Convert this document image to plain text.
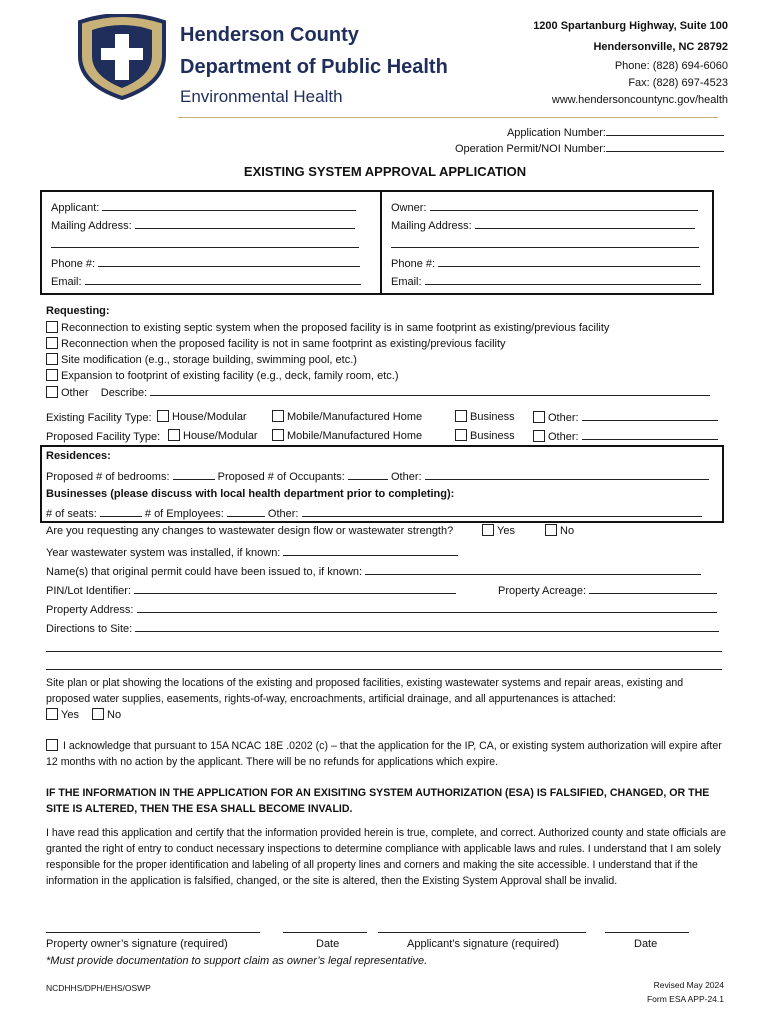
Henderson County
Department of Public Health
Environmental Health
1200 Spartanburg Highway, Suite 100
Hendersonville, NC 28792
Phone: (828) 694-6060
Fax: (828) 697-4523
www.hendersoncountync.gov/health
Application Number:
Operation Permit/NOI Number:
EXISTING SYSTEM APPROVAL APPLICATION
Applicant:
Mailing Address:
Phone #:
Email:
Owner:
Mailing Address:
Phone #:
Email:
Requesting:
Reconnection to existing septic system when the proposed facility is in same footprint as existing/previous facility
Reconnection when the proposed facility is not in same footprint as existing/previous facility
Site modification (e.g., storage building, swimming pool, etc.)
Expansion to footprint of existing facility (e.g., deck, family room, etc.)
Other Describe:
Existing Facility Type:	House/Modular	Mobile/Manufactured Home	Business	Other:
Proposed Facility Type:	House/Modular	Mobile/Manufactured Home	Business	Other:
Residences:
Proposed # of bedrooms:	Proposed # of Occupants:	Other:
Businesses (please discuss with local health department prior to completing):
# of seats:	# of Employees:	Other:
Are you requesting any changes to wastewater design flow or wastewater strength?	Yes	No
Year wastewater system was installed, if known:
Name(s) that original permit could have been issued to, if known:
PIN/Lot Identifier:	Property Acreage:
Property Address:
Directions to Site:
Site plan or plat showing the locations of the existing and proposed facilities, existing wastewater systems and repair areas, existing and proposed water supplies, easements, rights-of-way, encroachments, artificial drainage, and all appurtenances is attached:
Yes	No
I acknowledge that pursuant to 15A NCAC 18E .0202 (c) – that the application for the IP, CA, or existing system authorization will expire after 12 months with no action by the applicant. There will be no refunds for applications which expire.
IF THE INFORMATION IN THE APPLICATION FOR AN EXISITING SYSTEM AUTHORIZATION (ESA) IS FALSIFIED, CHANGED, OR THE SITE IS ALTERED, THEN THE ESA SHALL BECOME INVALID.
I have read this application and certify that the information provided herein is true, complete, and correct. Authorized county and state officials are granted the right of entry to conduct necessary inspections to determine compliance with applicable laws and rules. I understand that I am solely responsible for the proper identification and labeling of all property lines and corners and making the site accessible. I understand that if the information in the application is falsified, changed, or the site is altered, then the Existing System Approval shall be invalid.
Property owner’s signature (required)	Date	Applicant’s signature (required)	Date
*Must provide documentation to support claim as owner’s legal representative.
NCDHHS/DPH/EHS/OSWP	Revised May 2024
Form ESA APP-24.1
